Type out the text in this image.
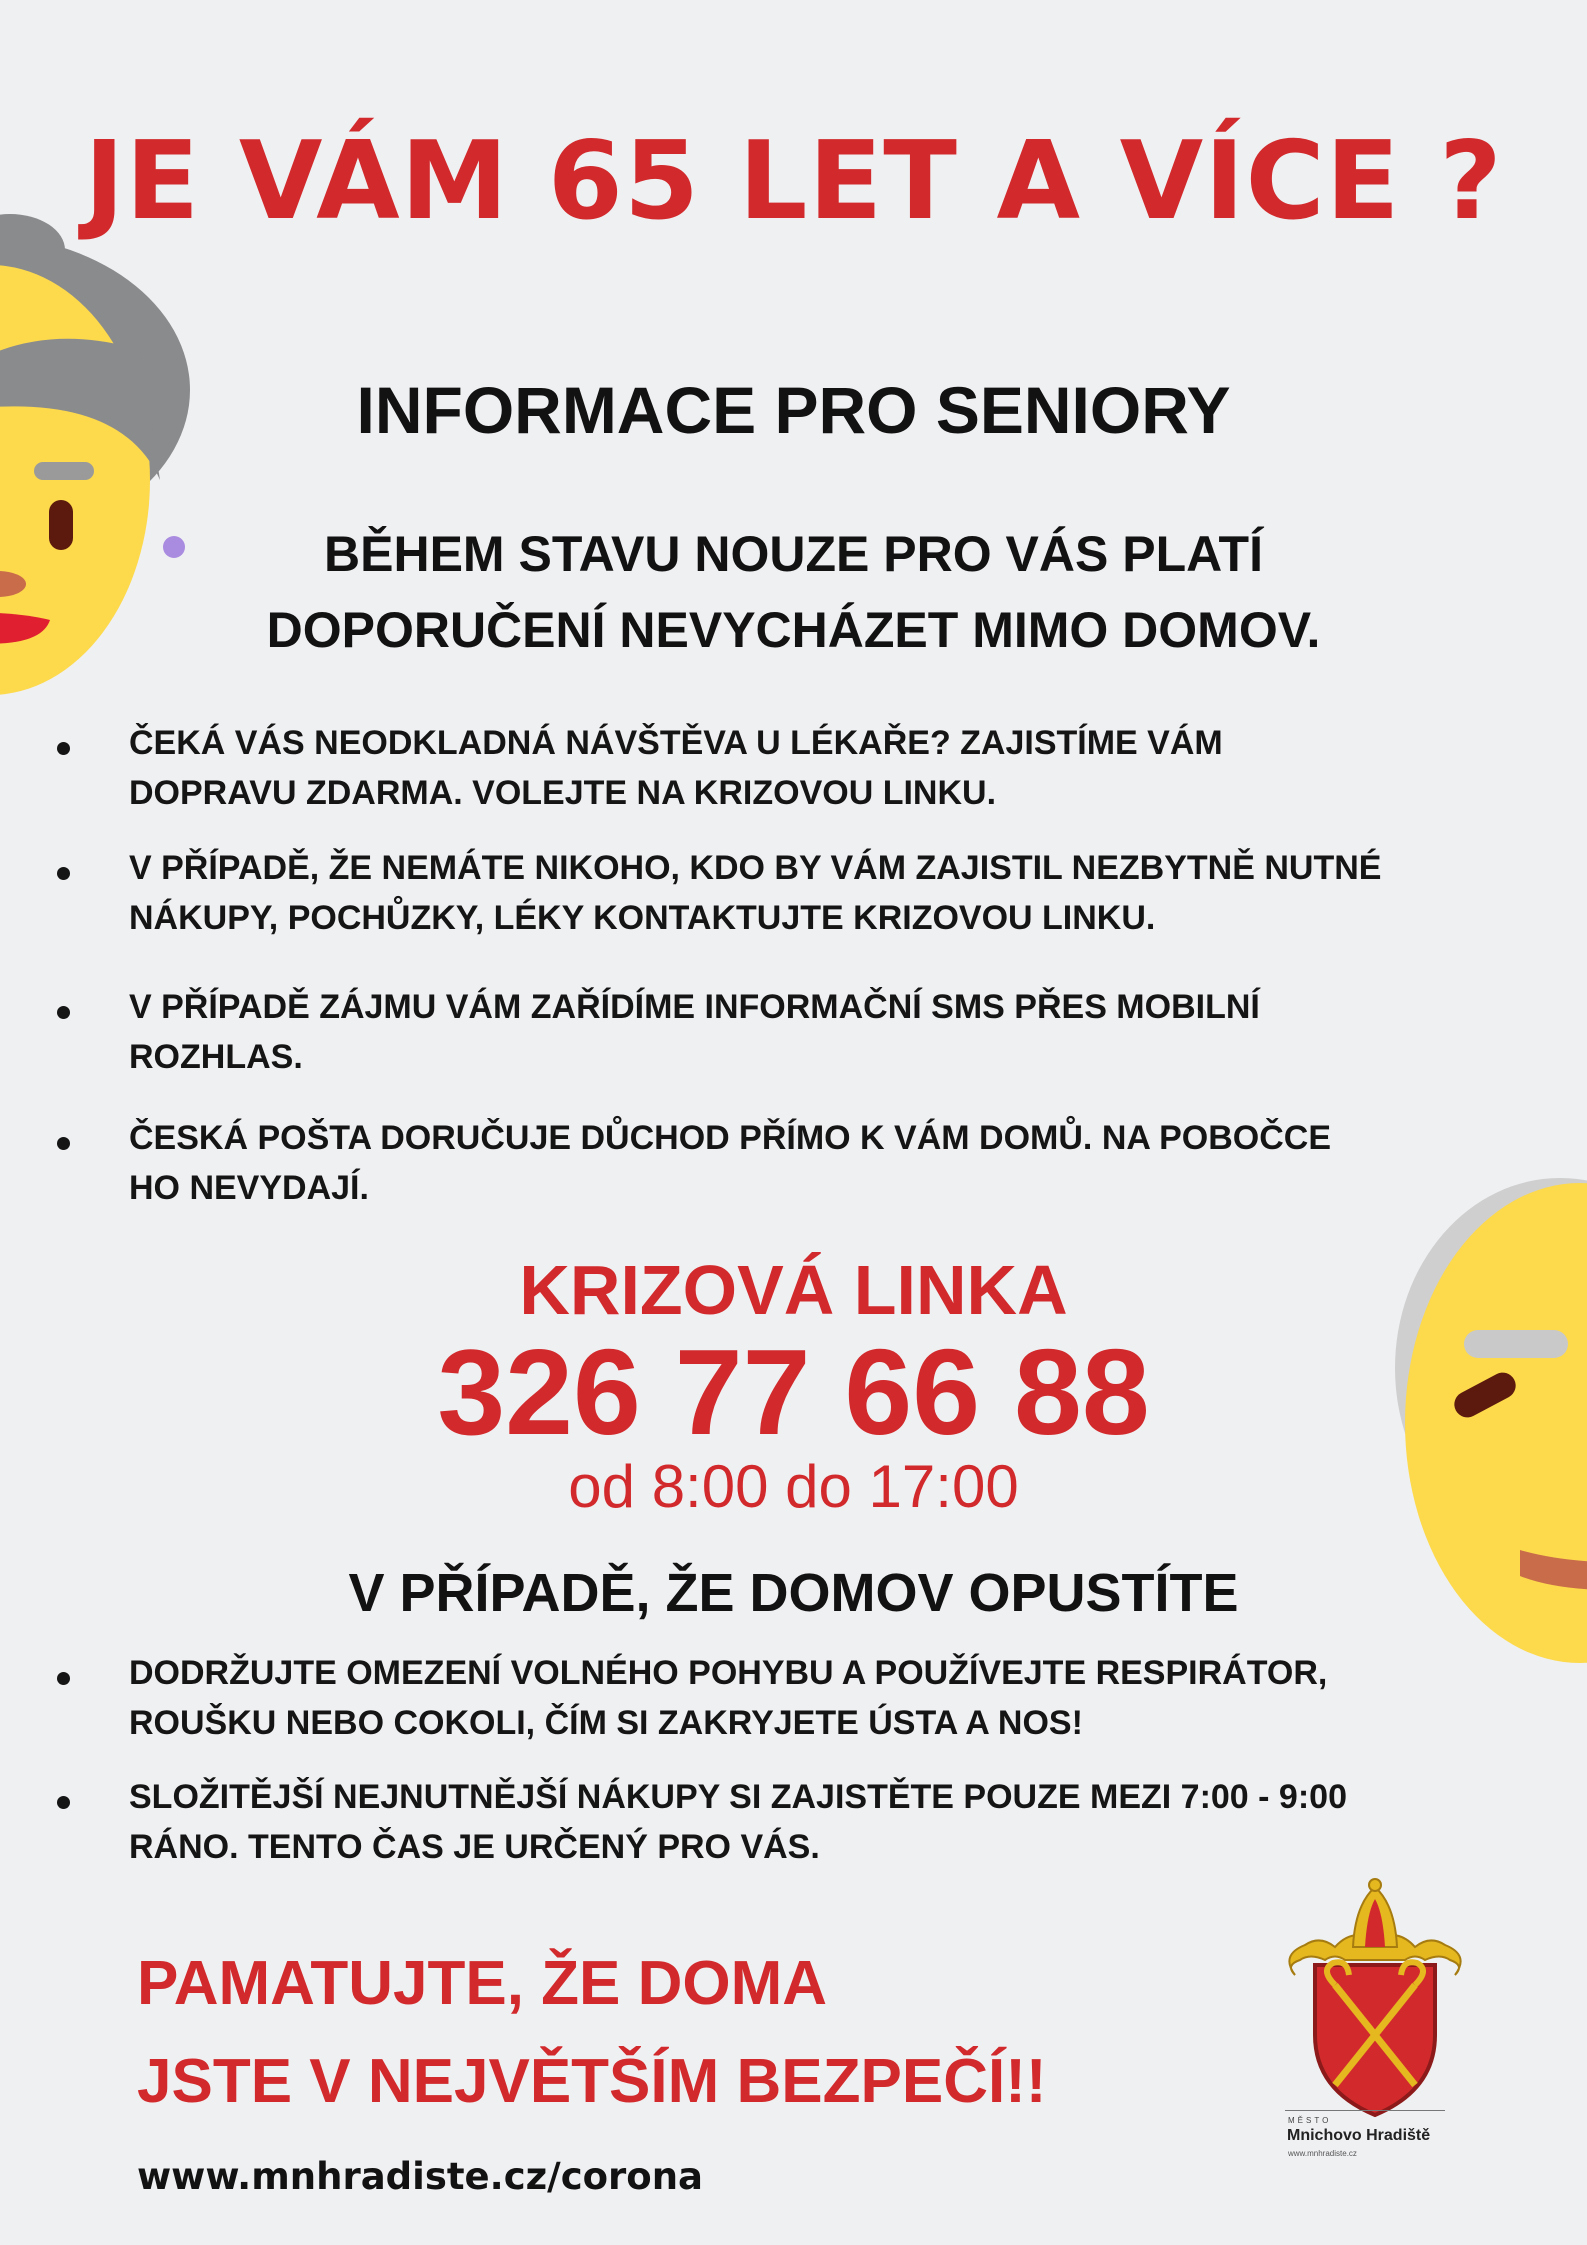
JE VÁM 65 LET A VÍCE ?
INFORMACE PRO SENIORY
BĚHEM STAVU NOUZE PRO VÁS PLATÍ
DOPORUČENÍ NEVYCHÁZET MIMO DOMOV.
ČEKÁ VÁS NEODKLADNÁ NÁVŠTĚVA U LÉKAŘE? ZAJISTÍME VÁM
DOPRAVU ZDARMA. VOLEJTE NA KRIZOVOU LINKU.
V PŘÍPADĚ, ŽE NEMÁTE NIKOHO, KDO BY VÁM ZAJISTIL NEZBYTNĚ NUTNÉ
NÁKUPY, POCHŮZKY, LÉKY KONTAKTUJTE KRIZOVOU LINKU.
V PŘÍPADĚ ZÁJMU VÁM ZAŘÍDÍME INFORMAČNÍ SMS PŘES MOBILNÍ
ROZHLAS.
ČESKÁ POŠTA DORUČUJE DŮCHOD PŘÍMO K VÁM DOMŮ. NA POBOČCE
HO NEVYDAJÍ.
KRIZOVÁ LINKA
326 77 66 88
od 8:00 do 17:00
V PŘÍPADĚ, ŽE DOMOV OPUSTÍTE
DODRŽUJTE OMEZENÍ VOLNÉHO POHYBU A POUŽÍVEJTE RESPIRÁTOR,
ROUŠKU NEBO COKOLI, ČÍM SI ZAKRYJETE ÚSTA A NOS!
SLOŽITĚJŠÍ NEJNUTNĚJŠÍ NÁKUPY SI ZAJISTĚTE POUZE MEZI 7:00 - 9:00
RÁNO. TENTO ČAS JE URČENÝ PRO VÁS.
PAMATUJTE, ŽE DOMA
JSTE V NEJVĚTŠÍM BEZPEČÍ!!
www.mnhradiste.cz/corona
MĚSTO
Mnichovo Hradiště
www.mnhradiste.cz
